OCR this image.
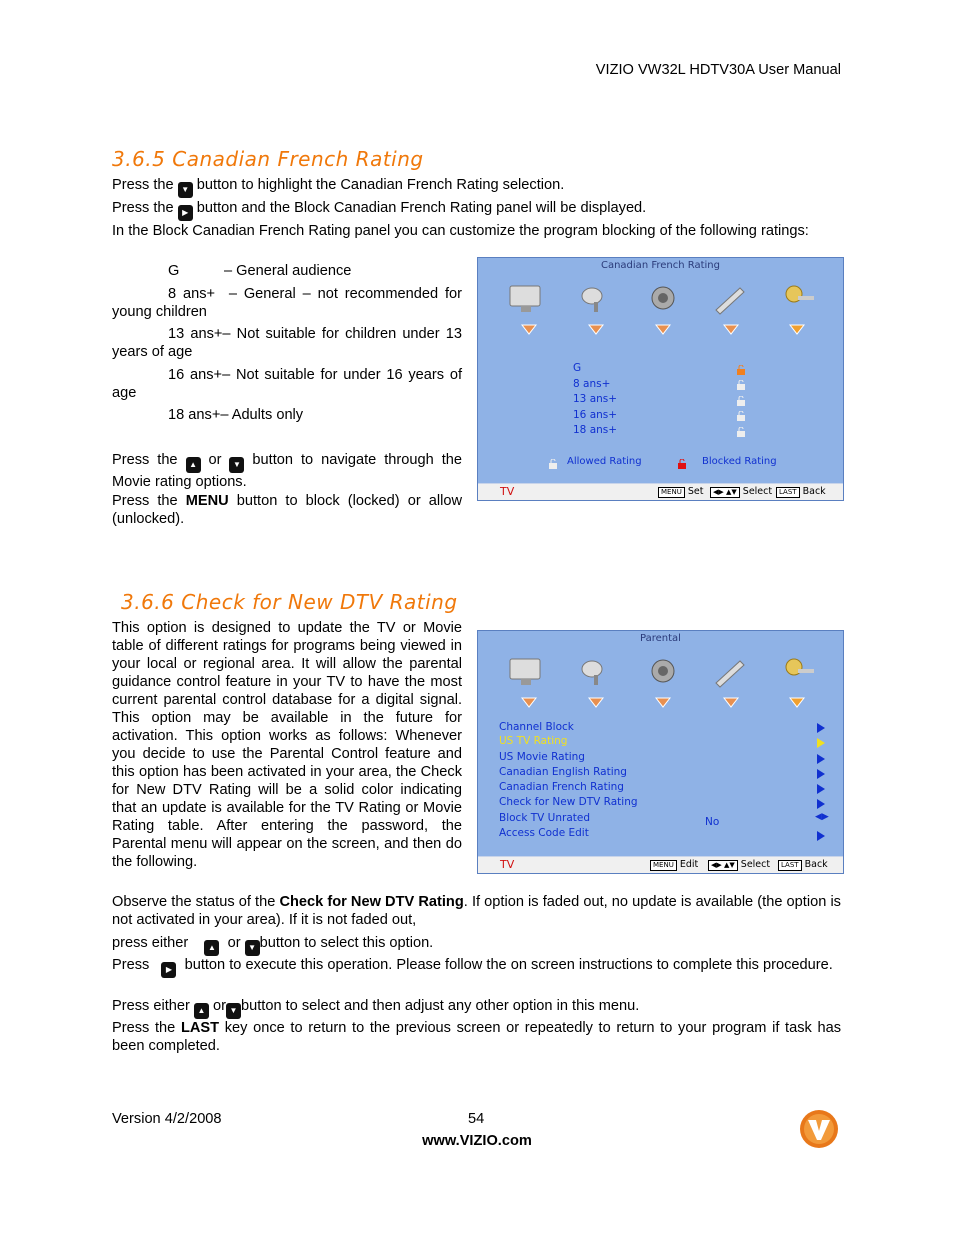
VIZIO VW32L HDTV30A User Manual
3.6.5 Canadian French Rating

Press the ▼ button to highlight the Canadian French Rating selection.

Press the ▶ button and the Block Canadian French Rating panel will be displayed.

In the Block Canadian French Rating panel you can customize the program blocking of the following ratings:

G	– General audience
8 ans+ – General – not recommended for young children
13 ans+– Not suitable for children under 13 years of age
16 ans+– Not suitable for under 16 years of age
18 ans+– Adults only

Press the ▲ or ▼ button to navigate through the Movie rating options.

Press the MENU button to block (locked) or allow (unlocked).

Canadian French Rating
G
8 ans+
13 ans+
16 ans+
18 ans+
Allowed Rating	Blocked Rating
TV	MENU Set	◀▶ ▲▼ Select LAST Back
3.6.6 Check for New DTV Rating

This option is designed to update the TV or Movie table of different ratings for programs being viewed in your local or regional area. It will allow the parental guidance control feature in your TV to have the most current parental control database for a digital signal. This option may be available in the future for activation. This option works as follows: Whenever you decide to use the Parental Control feature and this option has been activated in your area, the Check for New DTV Rating will be a solid color indicating that an update is available for the TV Rating or Movie Rating table. After entering the password, the Parental menu will appear on the screen, and then do the following.

Parental
Channel Block
US TV Rating
US Movie Rating
Canadian English Rating
Canadian French Rating
Check for New DTV Rating
Block TV Unrated	No
Access Code Edit
◀▶
TV	MENU Edit	◀▶ ▲▼ Select	LAST Back

Observe the status of the Check for New DTV Rating. If option is faded out, no update is available (the option is not activated in your area). If it is not faded out,

press either ▲ or ▼ button to select this option.

Press ▶ button to execute this operation. Please follow the on screen instructions to complete this procedure.

Press either ▲ or ▼ button to select and then adjust any other option in this menu.

Press the LAST key once to return to the previous screen or repeatedly to return to your program if task has been completed.

Version 4/2/2008	54
www.VIZIO.com
